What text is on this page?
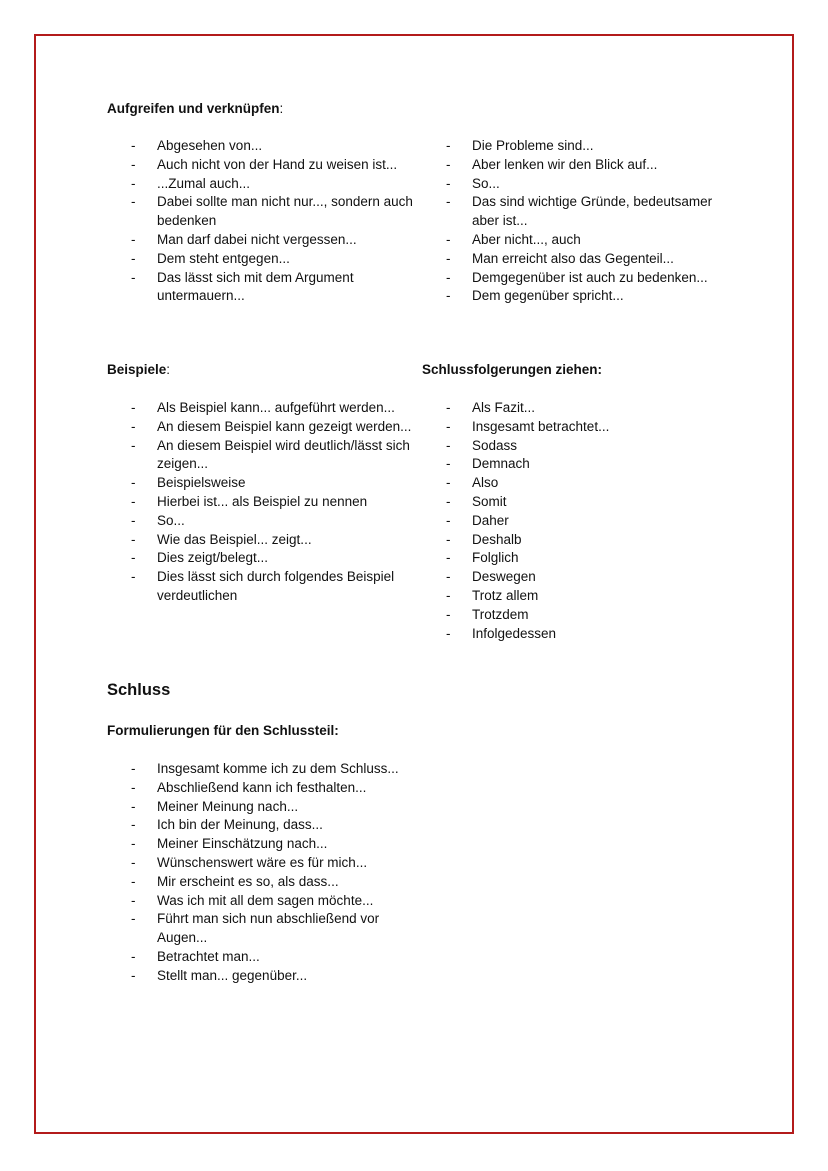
Aufgreifen und verknüpfen:
- Abgesehen von...
- Auch nicht von der Hand zu weisen ist...
- ...Zumal auch...
- Dabei sollte man nicht nur..., sondern auch bedenken
- Man darf dabei nicht vergessen...
- Dem steht entgegen...
- Das lässt sich mit dem Argument untermauern...
- Die Probleme sind...
- Aber lenken wir den Blick auf...
- So...
- Das sind wichtige Gründe, bedeutsamer aber ist...
- Aber nicht..., auch
- Man erreicht also das Gegenteil...
- Demgegenüber ist auch zu bedenken...
- Dem gegenüber spricht...
Beispiele:
- Als Beispiel kann... aufgeführt werden...
- An diesem Beispiel kann gezeigt werden...
- An diesem Beispiel wird deutlich/lässt sich zeigen...
- Beispielsweise
- Hierbei ist... als Beispiel zu nennen
- So...
- Wie das Beispiel... zeigt...
- Dies zeigt/belegt...
- Dies lässt sich durch folgendes Beispiel verdeutlichen
Schlussfolgerungen ziehen:
- Als Fazit...
- Insgesamt betrachtet...
- Sodass
- Demnach
- Also
- Somit
- Daher
- Deshalb
- Folglich
- Deswegen
- Trotz allem
- Trotzdem
- Infolgedessen
Schluss
Formulierungen für den Schlussteil:
- Insgesamt komme ich zu dem Schluss...
- Abschließend kann ich festhalten...
- Meiner Meinung nach...
- Ich bin der Meinung, dass...
- Meiner Einschätzung nach...
- Wünschenswert wäre es für mich...
- Mir erscheint es so, als dass...
- Was ich mit all dem sagen möchte...
- Führt man sich nun abschließend vor Augen...
- Betrachtet man...
- Stellt man... gegenüber...
